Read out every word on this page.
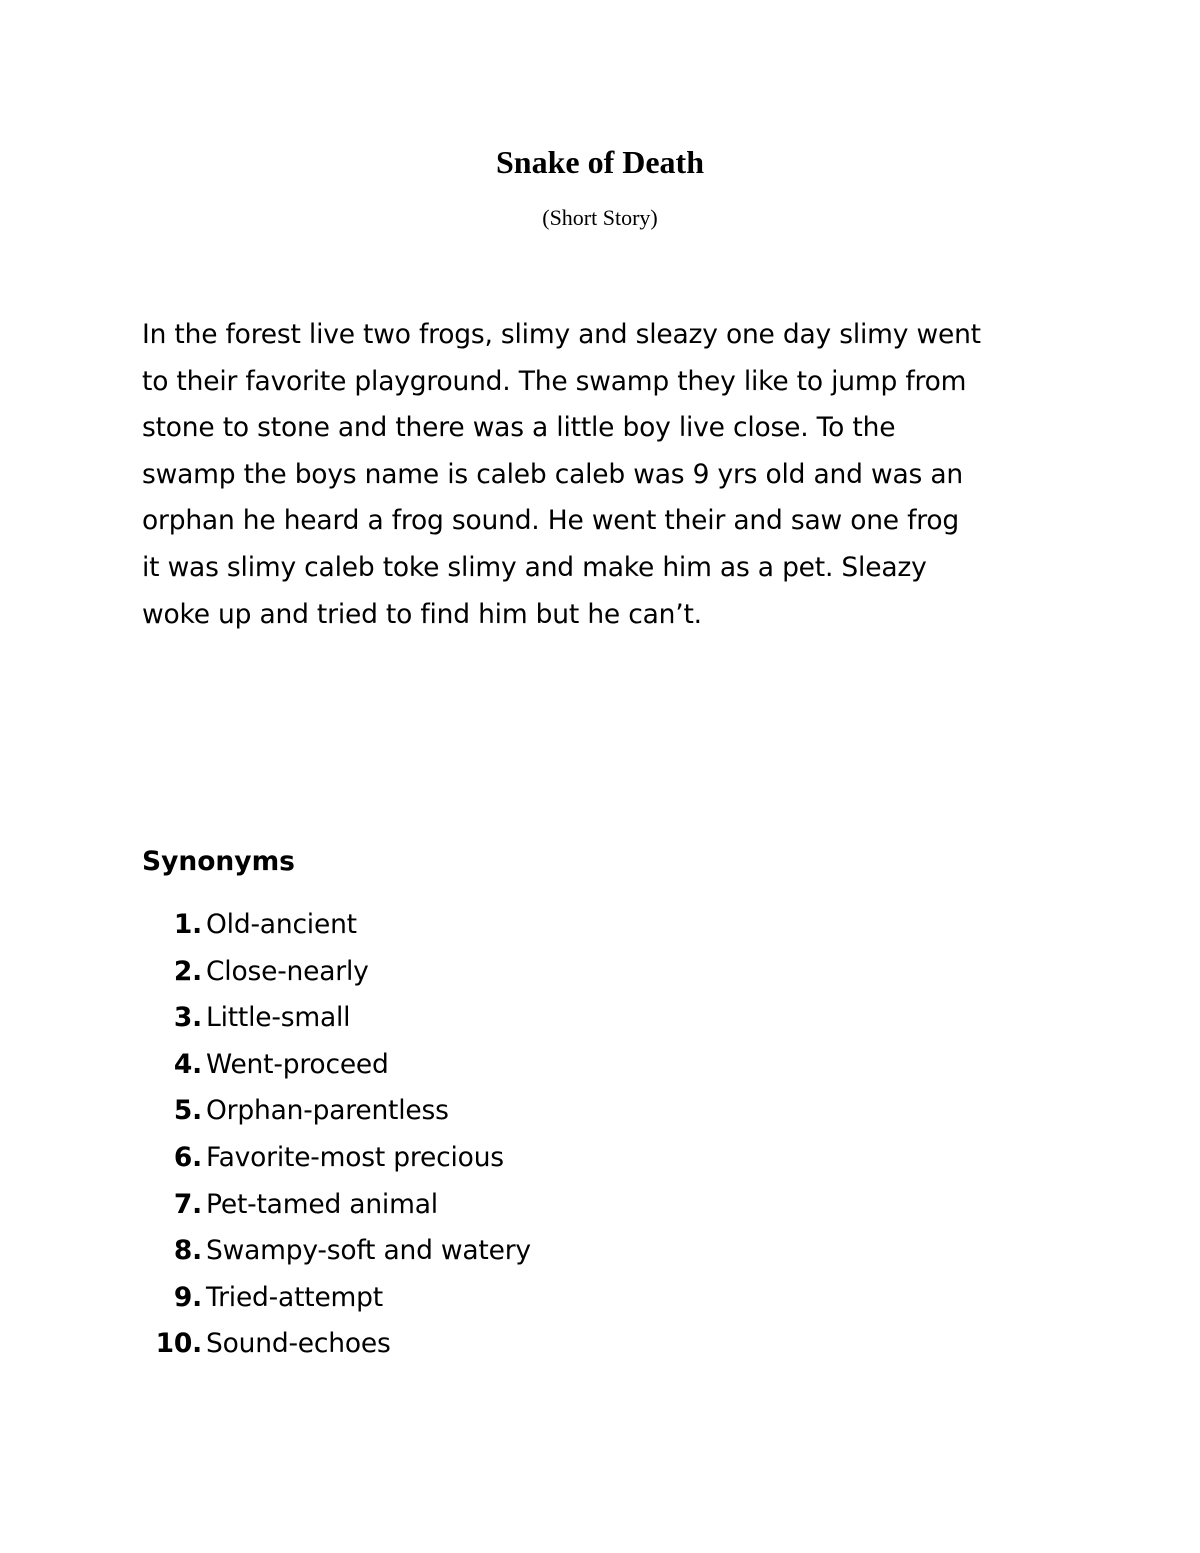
Snake of Death
(Short Story)

In the forest live two frogs, slimy and sleazy one day slimy went
to their favorite playground. The swamp they like to jump from
stone to stone and there was a little boy live close. To the
swamp the boys name is caleb caleb was 9 yrs old and was an
orphan he heard a frog sound. He went their and saw one frog
it was slimy caleb toke slimy and make him as a pet. Sleazy
woke up and tried to find him but he can’t.

Synonyms
1. Old-ancient
2. Close-nearly
3. Little-small
4. Went-proceed
5. Orphan-parentless
6. Favorite-most precious
7. Pet-tamed animal
8. Swampy-soft and watery
9. Tried-attempt
10. Sound-echoes
